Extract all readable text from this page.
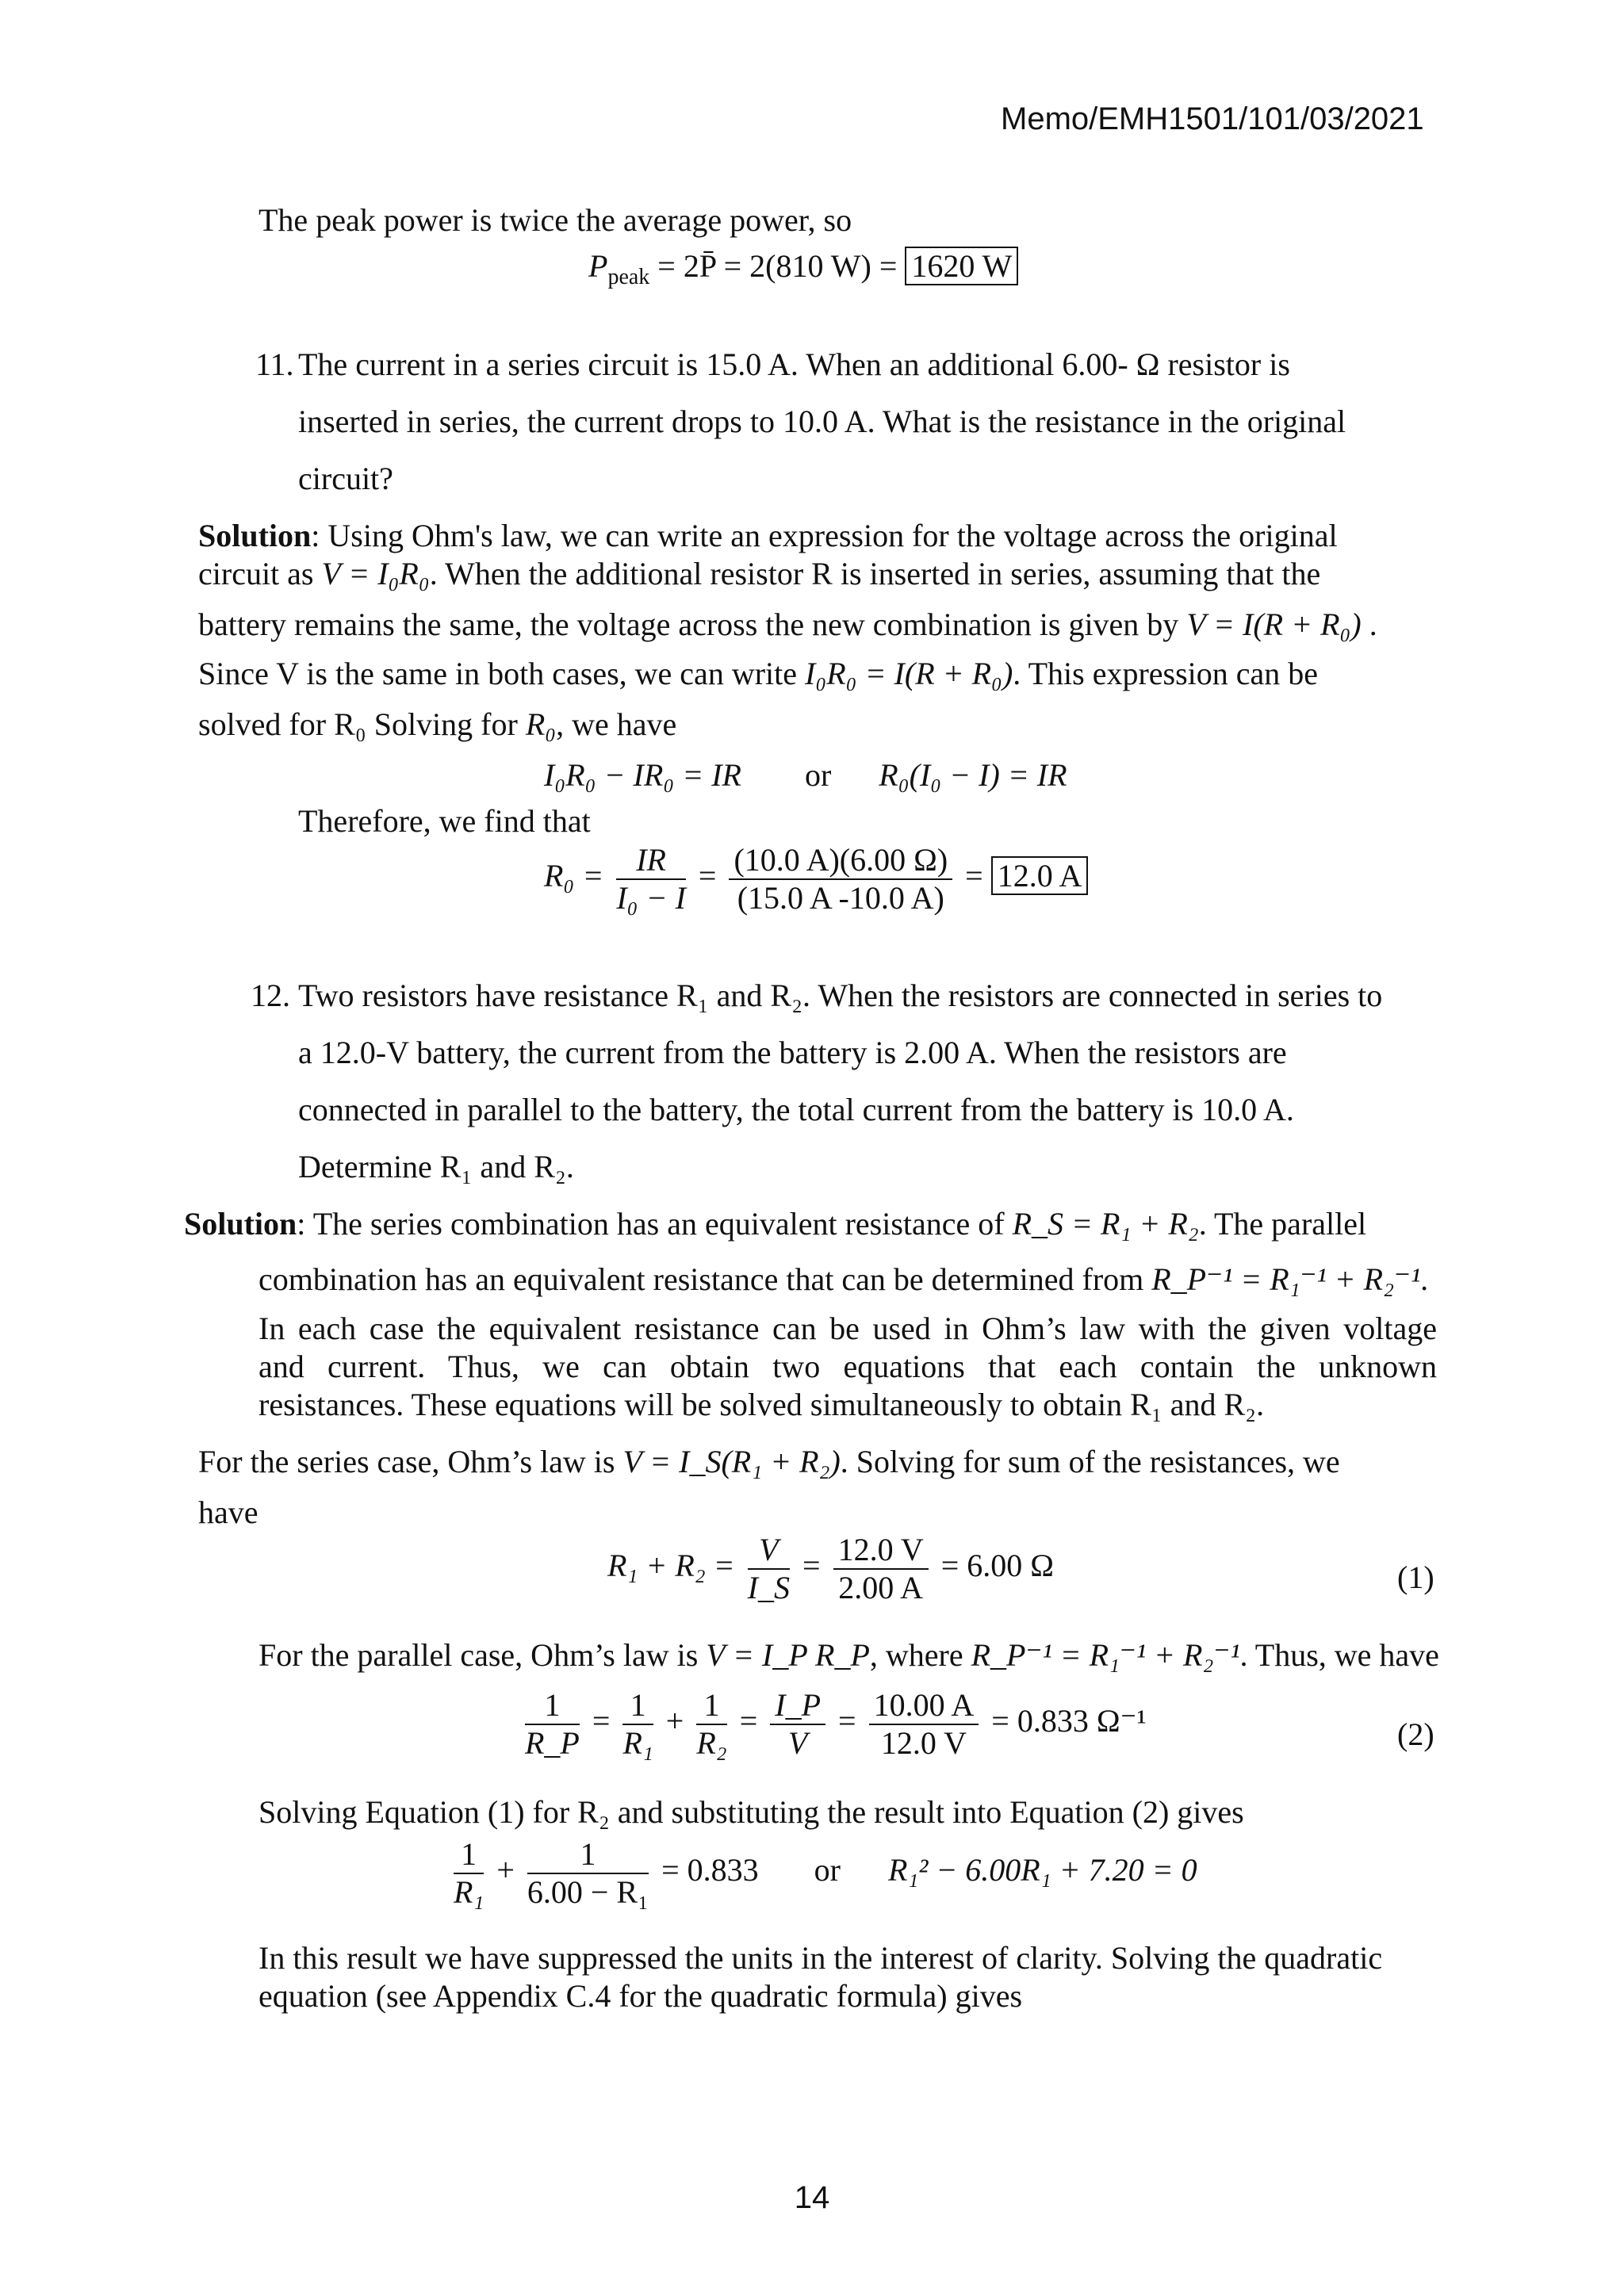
Memo/EMH1501/101/03/2021
The peak power is twice the average power, so
$P_{peak}$ = 2P̄ = 2(810 W) = 1620 W
11. The current in a series circuit is 15.0 A. When an additional 6.00- Ω resistor is
inserted in series, the current drops to 10.0 A. What is the resistance in the original
circuit?
Solution: Using Ohm's law, we can write an expression for the voltage across the original
circuit as V = I₀R₀. When the additional resistor R is inserted in series, assuming that the
battery remains the same, the voltage across the new combination is given by V = I(R + R₀) .
Since V is the same in both cases, we can write I₀R₀ = I(R + R₀). This expression can be
solved for R₀ Solving for R₀, we have
I₀R₀ − IR₀ = IR or R₀(I₀ − I) = IR
Therefore, we find that
$R_0 = \frac{IR}{\text{I₀ − I}} = \frac{(10.0 A)(6.00 \Omega)}{(15.0 A -10.0 A)} = 12.0$ A
12. Two resistors have resistance R₁ and R₂. When the resistors are connected in series to
a 12.0-V battery, the current from the battery is 2.00 A. When the resistors are
connected in parallel to the battery, the total current from the battery is 10.0 A.
Determine R₁ and R₂.
Solution: The series combination has an equivalent resistance of R_S = R₁ + R₂. The parallel
combination has an equivalent resistance that can be determined from R_P⁻¹ = R₁⁻¹ + R₂⁻¹.
In each case the equivalent resistance can be used in Ohm’s law with the given voltage
and current. Thus, we can obtain two equations that each contain the unknown
resistances. These equations will be solved simultaneously to obtain R₁ and R₂.
For the series case, Ohm’s law is V = I_S(R₁ + R₂). Solving for sum of the resistances, we
have
$R_1 + R_2 = \frac{V}{I\_S} = \frac{12.0 V}{2.00 A} = 6.00$ Ω	(1)
For the parallel case, Ohm’s law is V = I_P R_P, where R_P⁻¹ = R₁⁻¹ + R₂⁻¹. Thus, we have
$\frac{1}{R\_P} = \frac{1}{\text{R₁}} + \frac{1}{\text{R₂}} = \frac{I\_P}{V} = \frac{10.00 A}{12.0 V} = 0.833$ Ω⁻¹	(2)
Solving Equation (1) for R₂ and substituting the result into Equation (2) gives
$\frac{1}{\text{R₁}} + \frac{1}{\text{6.00 − R₁}} = 0.833$ or R₁² − 6.00R₁ + 7.20 = 0
In this result we have suppressed the units in the interest of clarity. Solving the quadratic
equation (see Appendix C.4 for the quadratic formula) gives
14
